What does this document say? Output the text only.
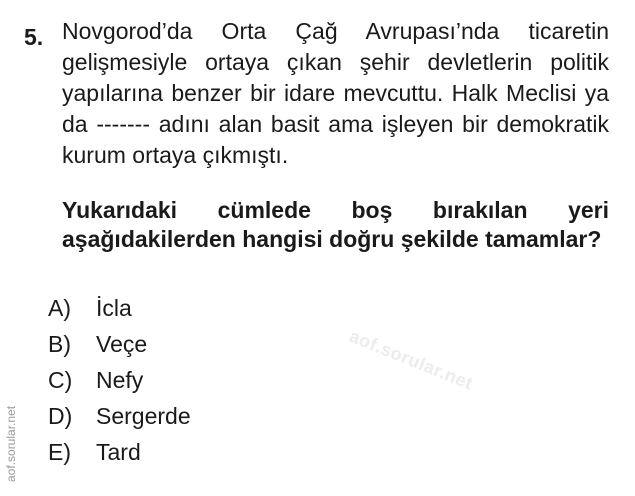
5. Novgorod’da Orta Çağ Avrupası’nda ticaretin gelişmesiyle ortaya çıkan şehir devletlerin politik yapılarına benzer bir idare mevcuttu. Halk Meclisi ya da ------- adını alan basit ama işleyen bir demokratik kurum ortaya çıkmıştı.
Yukarıdaki cümlede boş bırakılan yeri aşağıdakilerden hangisi doğru şekilde tamamlar?
A)	İcla
B)	Veçe
C)	Nefy
D)	Sergerde
E)	Tard
aof.sorular.net
aof.sorular.net
